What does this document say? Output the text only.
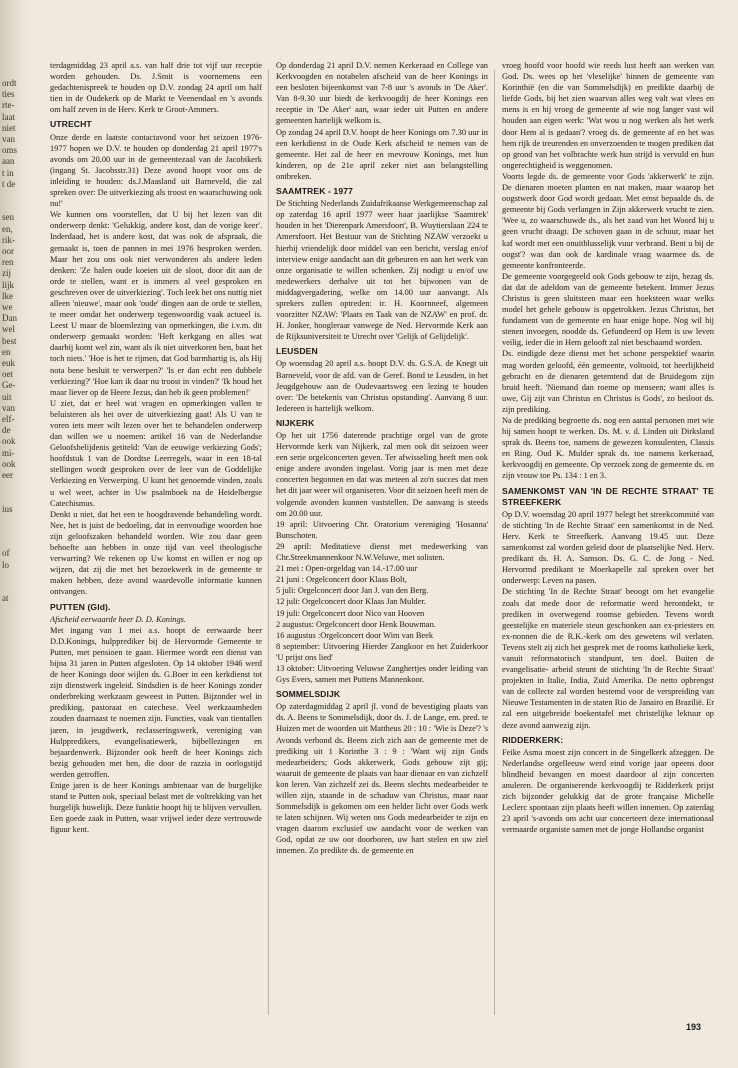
ordt
ties
rte-
laat
niet
van
oms
aan
t in
t de
sen
en,
rik-
oor
ren
zij
lijk
lke
we
Dan
wel
best
en
euk
oet
Ge-
uit
van
elf-
de
ook
mi-
ook
eer
ius
of
lo
at

terdagmiddag 23 april a.s. van half drie tot vijf uur receptie worden gehouden. Ds. J.Smit is voornemens een gedachtenispreek te houden op D.V. zondag 24 april om half tien in de Oudekerk op de Markt te Veenendaal en 's avonds om half zeven in de Herv. Kerk te Groot-Ammers.

UTRECHT

Onze derde en laatste contactavond voor het seizoen 1976-1977 hopen we D.V. te houden op donderdag 21 april 1977's avonds om 20.00 uur in de gemeentezaal van de Jacobikerk (ingang St. Jacobsstr.31) Deze avond hoopt voor ons de inleiding te houden: ds.J.Maasland uit Barneveld, die zal spreken over: De uitverkiezing als troost en waarschuwing ook nu!'

We kunnen ons voorstellen, dat U bij het lezen van dit onderwerp denkt: 'Gelukkig, andere kost, dan de vorige keer'. Inderdaad, het is andere kost, dat was ook de afspraak, die gemaakt is, toen de pannen in mei 1976 besproken werden. Maar het zou ons ook niet verwonderen als andere leden denken: 'Ze halen oude koeien uit de sloot, door dit aan de orde te stellen, want er is immers al veel gesproken en geschreven over de uitverkiezing'. Toch leek het ons nuttig niet alleen 'nieuwe', maar ook 'oude' dingen aan de orde te stellen, te meer omdat het onderwerp tegenwoordig vaak actueel is. Leest U maar de bloemlezing van opmerkingen, die i.v.m. dit onderwerp gemaakt worden: 'Heft kerkgang en alles wat daarbij komt wel zin, want als ik niet uitverkoren ben, baat het toch niets.' 'Hoe is het te rijmen, dat God barmhartig is, als Hij nota bene besluit te verwerpen?' 'Is er dan echt een dubbele verkiezing?' 'Hoe kan ik daar nu troost in vinden?' 'Ik houd het maar liever op de Heere Jezus, dan heb ik geen problemen!'

U ziet, dat er heel wat vragen en opmerkingen vallen te beluisteren als het over de uitverkiezing gaat! Als U van te voren iets meer wilt lezen over het te behandelen onderwerp dan willen we u noemen: artikel 16 van de Nederlandse Geloofsbelijdenis getiteld: 'Van de eeuwige verkiezing Gods'; hoofdstuk 1 van de Dordtse Leerregels, waar in een 18-tal stellingen wordt gesproken over de leer van de Goddelijke Verkiezing en Verwerping. U kunt het genoemde vinden, zoals u wel weet, achter in Uw psalmboek na de Heidelbergse Catechismus.

Denkt u niet, dat het een te hoogdravende behandeling wordt. Nee, het is juist de bedoeling, dat in eenvoudige woorden hoe zijn geloofszaken behandeld worden. Wie zou daar geen behoefte aan hebben in onze tijd van veel theologische verwarring? We rekenen op Uw komst en willen er nog op wijzen, dat zij die met het bezoekwerk in de gemeente te maken hebben, deze avond waardevolle informatie kunnen ontvangen.

PUTTEN (Gld).

Afscheid eerwaarde heer D. D. Konings.

Met ingang van 1 mei a.s. hoopt de eerwaarde heer D.D.Konings, hulpprediker bij de Hervormde Gemeente te Putten, met pensioen te gaan. Hiermee wordt een dienst van bijna 31 jaren in Putten afgesloten. Op 14 oktober 1946 werd de heer Konings door wijlen ds. G.Boer in een kerkdienst tot zijn dienstwerk ingeleid. Sindsdien is de heer Konings zonder onderbreking werkzaam geweest in Putten. Bijzonder wel in prediking, pastoraat en catechese. Veel werkzaamheden zouden daarnaast te noemen zijn. Functies, vaak van tientallen jaren, in jeugdwerk, reclasseringswerk, vereniging van Hulppredikers, evangelisatiewerk, bijbellezingen en bejaardenwerk. Bijzonder ook heeft de heer Konings zich bezig gehouden met hen, die door de razzia in oorlogstijd werden getroffen.

Enige jaren is de heer Konings ambtenaar van de burgelijke stand te Putten ook, speciaal belast met de voltrekking van het burgelijk huwelijk. Deze funktie hoopt hij te blijven vervullen. Een goede zaak in Putten, waar vrijwel ieder deze vertrouwde figuur kent.

Op donderdag 21 april D.V. nemen Kerkeraad en College van Kerkvoogden en notabelen afscheid van de heer Konings in een besloten bijeenkomst van 7-8 uur 's avonds in 'De Aker'. Van 8-9.30 uur biedt de kerkvoogdij de heer Konings een receptie in 'De Aker' aan, waar ieder uit Putten en andere gemeenten hartelijk welkom is.

Op zondag 24 april D.V. hoopt de heer Konings om 7.30 uur in een kerkdienst in de Oude Kerk afscheid te nemen van de gemeente. Het zal de heer en mevrouw Konings, met hun kinderen, op de 21e april zeker niet aan belangstelling ontbreken.

SAAMTREK - 1977

De Stichting Nederlands Zuidafrikaanse Werkgemeenschap zal op zaterdag 16 april 1977 weer haar jaarlijkse 'Saamtrek' houden in het 'Dierenpark Amersfoort', B. Wuytierslaan 224 te Amersfoort. Het Bestuur van de Stichting NZAW verzoekt u hierbij vriendelijk door middel van een bericht, verslag en/of interview enige aandacht aan dit gebeuren en aan het werk van onze organisatie te willen schenken. Zij nodigt u en/of uw medewerkers derhalve uit tot het bijwonen van de middagvergadering, welke om 14.00 uur aanvangt. Als sprekers zullen optreden: ir. H. Koornneef, algemeen voorzitter NZAW: 'Plaats en Taak van de NZAW' en prof. dr. H. Jonker, hoogleraar vanwege de Ned. Hervormde Kerk aan de Rijksuniversiteit te Utrecht over 'Gelijk of Gelijdelijk'.

LEUSDEN

Op woensdag 20 april a.s. hoopt D.V. ds. G.S.A. de Knegt uit Barneveld, voor de afd. van de Geref. Bond te Leusden, in het Jeugdgebouw aan de Oudevaartsweg een lezing te houden over: 'De betekenis van Christus opstanding'. Aanvang 8 uur. Iedereen is hartelijk welkom.

NIJKERK

Op het uit 1756 daterende prachtige orgel van de grote Hervormde kerk van Nijkerk, zal men ook dit seizoen weer een serie orgelconcerten geven. Ter afwisseling heeft men ook enige andere avonden ingelast. Vorig jaar is men met deze concerten begonnen en dat was meteen al zo'n succes dat men het dit jaar weer wil organiseren. Voor dit seizoen heeft men de volgende avonden kunnen vaststellen. De aanvang is steeds om 20.00 uur.

19 april: Uitvoering Chr. Oratorium vereniging 'Hosanna' Bunschoten.

29 april: Meditatieve dienst met medewerking van Chr.Streekmannenkoor N.W.Veluwe, met solisten.

21 mei : Open-orgeldag van 14.-17.00 uur

21 juni : Orgelconcert door Klaas Bolt,

5 juli: Orgelconcert door Jan J. van den Berg.

12 juli: Orgelconcert door Klaas Jan Mulder.

19 juli: Orgelconcert door Nico van Hooven

2 augustus: Orgelconcert door Henk Bouwman.

16 augustus :Orgelconcert door Wim van Beek

8 september: Uitvoering Hierder Zangkoor en het Zuiderkoor 'U prijst ons lied'

13 oktober: Uitvoering Veluwse Zanghertjes onder leiding van Gys Evers, samen met Puttens Mannenkoor.

SOMMELSDIJK

Op zaterdagmiddag 2 april jl. vond de bevestiging plaats van ds. A. Beens te Sommelsdijk, door ds. J. de Lange, em. pred. te Huizen met de woorden uit Mattheus 20 : 10 : 'Wie is Deze'? 's Avonds verbond ds. Beens zich zich aan de gemeente met de prediking uit 1 Korinthe 3 : 9 : 'Want wij zijn Gods medearbeiders; Gods akkerwerk, Gods gebouw zijt gij; waaruit de gemeente de plaats van haar dienaar en van zichzelf kon leren. Van zichzelf zei ds. Beens slechts medearbeider te willen zijn, staande in de schaduw van Christus, maar naar Sommelsdijk is gekomen om een helder licht over Gods werk te laten schijnen. Wij weten ons Gods medearbeider te zijn en vragen daarom exclusief uw aandacht voor de werken van God, opdat ze uw oor doorboren, uw hart stelen en uw ziel innemen. Zo predikte ds. de gemeente en

vroeg hoofd voor hoofd wie reeds lust heeft aan werken van God. Ds. wees op het 'vleselijke' binnen de gemeente van Korinthië (en die van Sommelsdijk) en predikte daarbij de liefde Gods, bij het zien waarvan alles weg valt wat vlees en mens is en hij vroeg de gemeente af wie nog langer vast wil houden aan eigen werk: 'Wat wou u nog werken als het werk door Hem al is gedaan'? vroeg ds. de gemeente af en het was hem rijk de treurenden en onverzoenden te mogen prediken dat op grond van het volbrachte werk hun strijd is vervuld en hun ongerechtigheid is weggenomen.

Voorts legde ds. de gemeente voor Gods 'akkerwerk' te zijn. De dienaren moeten planten en nat maken, maar waarop het oogstwerk door God wordt gedaan. Met ernst bepaalde ds. de gemeente bij Gods verlangen in Zijn akkerwerk vrucht te zien. 'Wee u, zo waarschuwde ds., als het zaad van het Woord bij u geen vrucht draagt. De schoven gaan in de schuur, maar het kaf wordt met een onuitblusselijk vuur verbrand. Bent u bij de oogst'? was dan ook de kardinale vraag waarmee ds. de gemeente konfronteerde.

De gemeente voorgegeeld ook Gods gebouw te zijn, bezag ds. dat dat de adeldom van de gemeente betekent. Immer Jezus Christus is geen sluitsteen maar een hoeksteen waar welks model het gehele gebouw is opgetrokken. Jezus Christus, het fundament van de gemeente en haar enige hope. Nog wil hij stenen invoegen, noodde ds. Gefundeerd op Hem is uw leven veilig, ieder die in Hem gelooft zal niet beschaamd worden.

Ds. eindigde deze dienst met het schone perspektief waarin mag worden geloofd, één gemeente, voltooid, tot heerlijkheid gebracht en de dienaren getemtend dat de Bruidegom zijn bruid heeft. 'Niemand dan roeme op menseen; want alles is uwe, Gij zijt van Christus en Christus is Gods', zo besloot ds. zijn prediking.

Na de prediking begroette ds. nog een aantal personen met wie hij samen hoopt te werken. Ds. M. v. d. Linden uit Dirksland sprak ds. Beens toe, namens de gewezen konsulenten, Classis en Ring. Oud K. Mulder sprak ds. toe namens kerkeraad, kerkvoogdij en gemeente. Op verzoek zong de gemeente ds. en zijn vrouw toe Ps. 134 : 1 en 3.

SAMENKOMST VAN 'IN DE RECHTE STRAAT' TE STREEFKERK

Op D.V. woensdag 20 april 1977 belegt het streekcommité van de stichting 'In de Rechte Straat' een samenkomst in de Ned. Herv. Kerk te Streefkerk. Aanvang 19.45 uur. Deze samenkomst zal worden geleid door de plaatselijke Ned. Herv. predikant ds. H. A. Samson. Ds. G. C. de Jong - Ned. Hervormd predikant te Moerkapelle zal spreken over het onderwerp: Leven na pasen.

De stichting 'In de Rechte Straat' beoogt om het evangelie zoals dat mede door de reformatie werd herontdekt, te prediken in overwegend roomse gebieden. Tevens wordt geestelijke en materiele steun geschonken aan ex-priesters en ex-nonnen die de R.K.-kerk om des gewetens wil verlaten. Tevens stelt zij zich het gesprek met de rooms katholieke kerk, vanuit reformatorisch standpunt, ten doel. Buiten de evangelisatie- arbeid steunt de stichting 'In de Rechte Straat' projekten in Italie, India, Zuid Amerika. De netto opbrengst van de collecte zal worden bestemd voor de verspreiding van Nieuwe Testamenten in de staten Rio de Janairo en Brazilië. Er zal een uitgebreide boekentafel met christelijke lektuur op deze avond aanwezig zijn.

RIDDERKERK:

Feike Asma moest zijn concert in de Singelkerk afzeggen. De Nederlandse orgelleeuw werd eind vorige jaar opeens door blindheid bevangen en moest daardoor al zijn concerten anuleren. De organiserende kerkvoogdij te Ridderkerk prijst zich bijzonder gelukkig dat de grote française Michelle Leclerc spontaan zijn plaats heeft willen innemen. Op zaterdag 23 april 's-avonds om acht uur concerteert deze internationaal vermaarde organiste samen met de jonge Hollandse organist

193
